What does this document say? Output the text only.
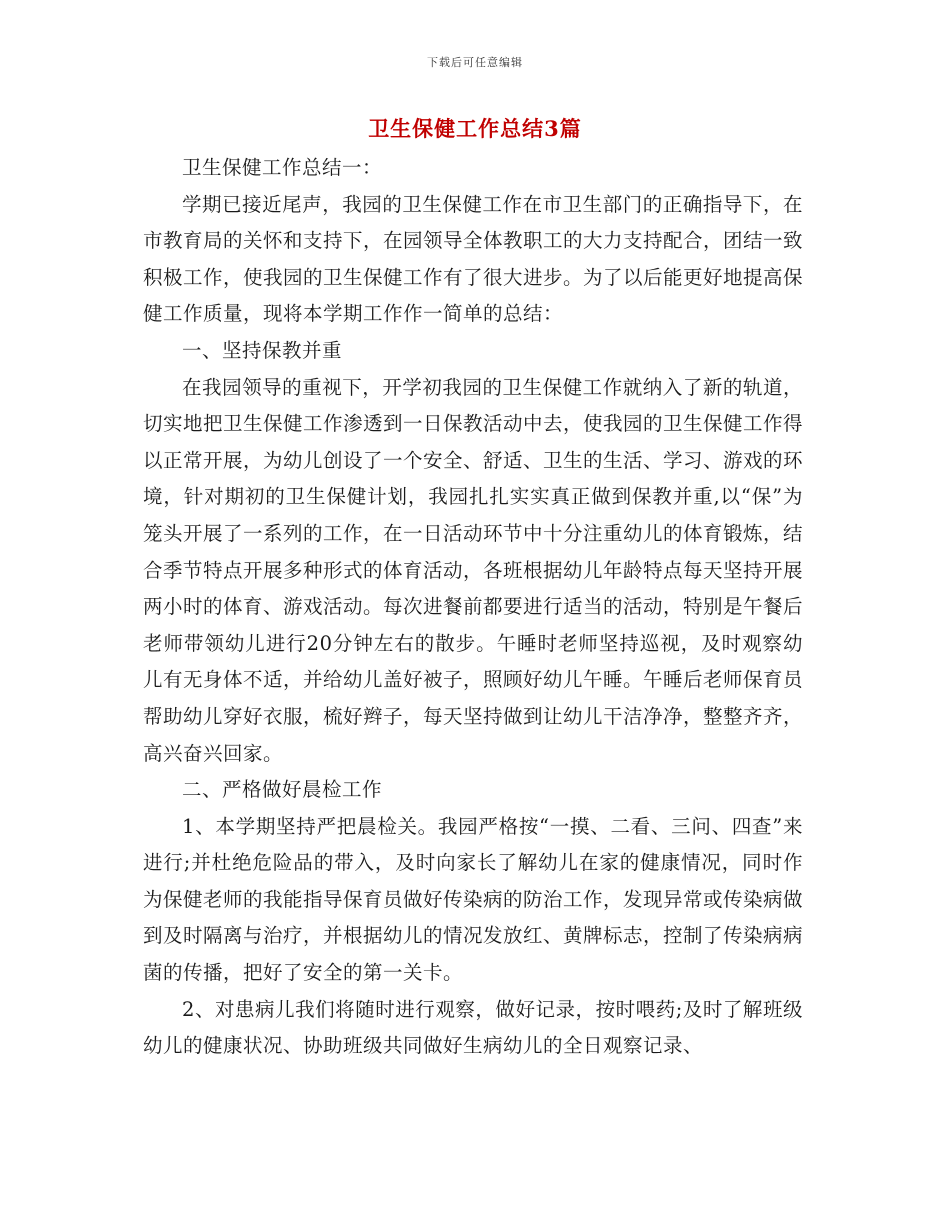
下载后可任意编辑
卫生保健工作总结3篇

卫生保健工作总结一：

学期已接近尾声，我园的卫生保健工作在市卫生部门的正确指导下，在市教育局的关怀和支持下，在园领导全体教职工的大力支持配合，团结一致积极工作，使我园的卫生保健工作有了很大进步。为了以后能更好地提高保健工作质量，现将本学期工作作一简单的总结：

一、坚持保教并重

在我园领导的重视下，开学初我园的卫生保健工作就纳入了新的轨道，切实地把卫生保健工作渗透到一日保教活动中去，使我园的卫生保健工作得以正常开展，为幼儿创设了一个安全、舒适、卫生的生活、学习、游戏的环境，针对期初的卫生保健计划，我园扎扎实实真正做到保教并重,以“保”为笼头开展了一系列的工作，在一日活动环节中十分注重幼儿的体育锻炼，结合季节特点开展多种形式的体育活动，各班根据幼儿年龄特点每天坚持开展两小时的体育、游戏活动。每次进餐前都要进行适当的活动，特别是午餐后老师带领幼儿进行20分钟左右的散步。午睡时老师坚持巡视，及时观察幼儿有无身体不适，并给幼儿盖好被子，照顾好幼儿午睡。午睡后老师保育员帮助幼儿穿好衣服，梳好辫子，每天坚持做到让幼儿干洁净净，整整齐齐，高兴奋兴回家。

二、严格做好晨检工作

1、本学期坚持严把晨检关。我园严格按“一摸、二看、三问、四查”来进行;并杜绝危险品的带入，及时向家长了解幼儿在家的健康情况，同时作为保健老师的我能指导保育员做好传染病的防治工作，发现异常或传染病做到及时隔离与治疗，并根据幼儿的情况发放红、黄牌标志，控制了传染病病菌的传播，把好了安全的第一关卡。

2、对患病儿我们将随时进行观察，做好记录，按时喂药;及时了解班级幼儿的健康状况、协助班级共同做好生病幼儿的全日观察记录、
